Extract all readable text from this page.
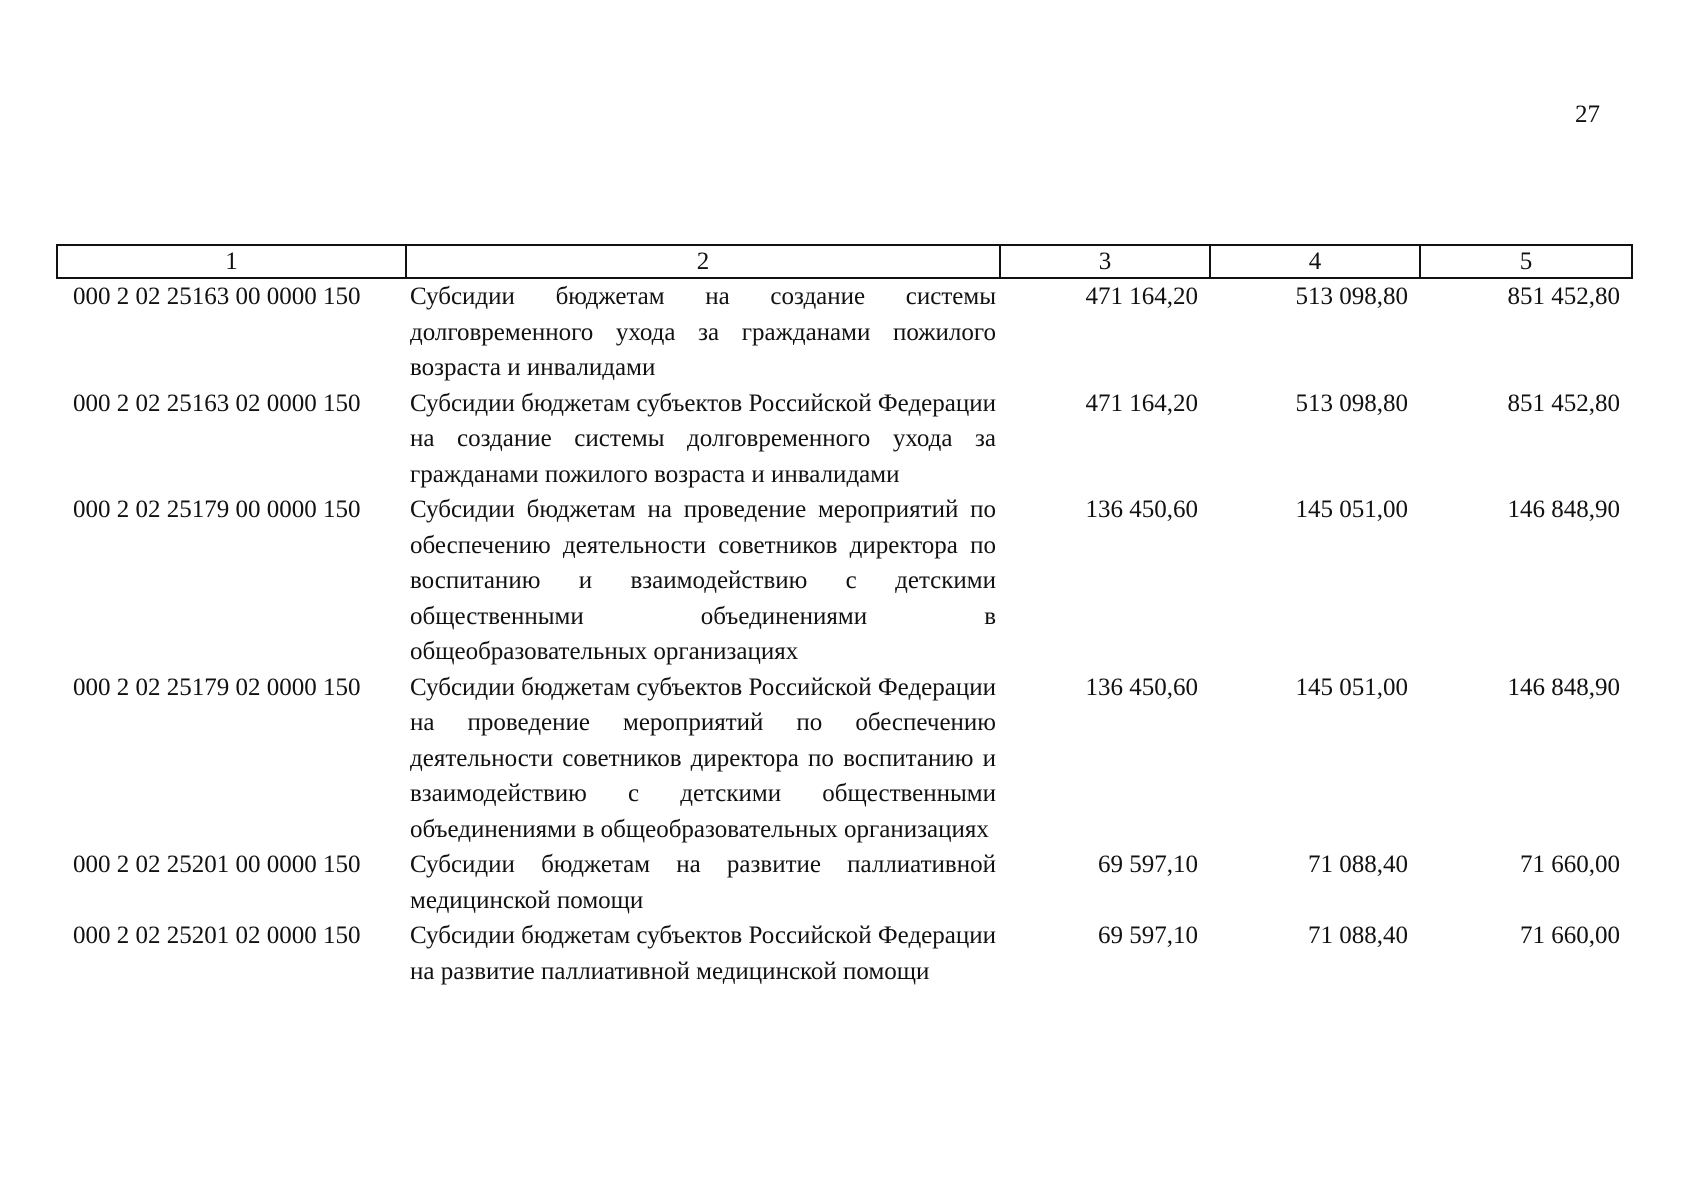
27
1	2	3	4	5
000 2 02 25163 00 0000 150	Субсидии бюджетам на создание системы долговременного ухода за гражданами пожилого возраста и инвалидами	471 164,20	513 098,80	851 452,80
000 2 02 25163 02 0000 150	Субсидии бюджетам субъектов Российской Федерации на создание системы долговременного ухода за гражданами пожилого возраста и инвалидами	471 164,20	513 098,80	851 452,80
000 2 02 25179 00 0000 150	Субсидии бюджетам на проведение мероприятий по обеспечению деятельности советников директора по воспитанию и взаимодействию с детскими общественными объединениями в общеобразовательных организациях	136 450,60	145 051,00	146 848,90
000 2 02 25179 02 0000 150	Субсидии бюджетам субъектов Российской Федерации на проведение мероприятий по обеспечению деятельности советников директора по воспитанию и взаимодействию с детскими общественными объединениями в общеобразовательных организациях	136 450,60	145 051,00	146 848,90
000 2 02 25201 00 0000 150	Субсидии бюджетам на развитие паллиативной медицинской помощи	69 597,10	71 088,40	71 660,00
000 2 02 25201 02 0000 150	Субсидии бюджетам субъектов Российской Федерации на развитие паллиативной медицинской помощи	69 597,10	71 088,40	71 660,00
